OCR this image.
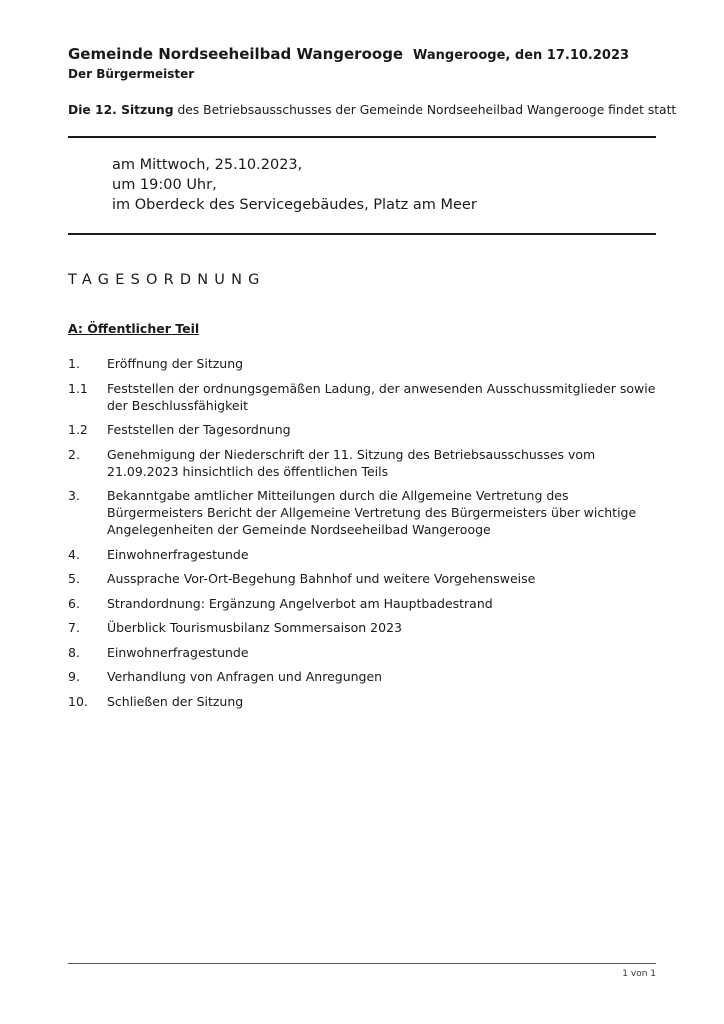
Gemeinde Nordseeheilbad Wangerooge Wangerooge, den 17.10.2023
Der Bürgermeister
Die 12. Sitzung des Betriebsausschusses der Gemeinde Nordseeheilbad Wangerooge findet statt
am Mittwoch, 25.10.2023,
um 19:00 Uhr,
im Oberdeck des Servicegebäudes, Platz am Meer
TAGESORDNUNG
A: Öffentlicher Teil
1.	Eröffnung der Sitzung
1.1	Feststellen der ordnungsgemäßen Ladung, der anwesenden Ausschussmitglieder sowie der Beschlussfähigkeit
1.2	Feststellen der Tagesordnung
2.	Genehmigung der Niederschrift der 11. Sitzung des Betriebsausschusses vom 21.09.2023 hinsichtlich des öffentlichen Teils
3.	Bekanntgabe amtlicher Mitteilungen durch die Allgemeine Vertretung des Bürgermeisters Bericht der Allgemeine Vertretung des Bürgermeisters über wichtige Angelegenheiten der Gemeinde Nordseeheilbad Wangerooge
4.	Einwohnerfragestunde
5.	Aussprache Vor-Ort-Begehung Bahnhof und weitere Vorgehensweise
6.	Strandordnung: Ergänzung Angelverbot am Hauptbadestrand
7.	Überblick Tourismusbilanz Sommersaison 2023
8.	Einwohnerfragestunde
9.	Verhandlung von Anfragen und Anregungen
10.	Schließen der Sitzung
1 von 1
